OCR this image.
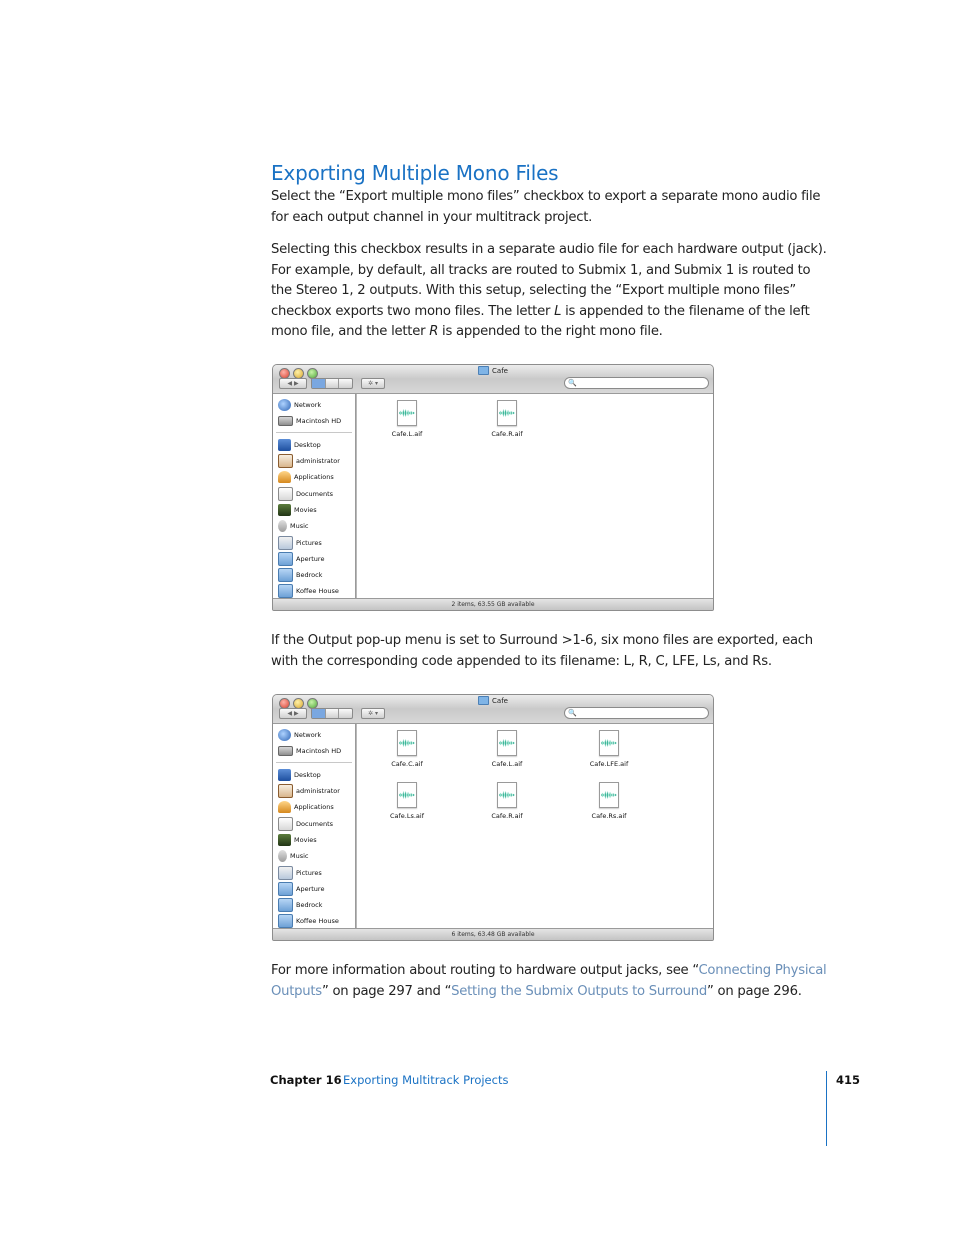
Exporting Multiple Mono Files

Select the “Export multiple mono files” checkbox to export a separate mono audio file for each output channel in your multitrack project.

Selecting this checkbox results in a separate audio file for each hardware output (jack). For example, by default, all tracks are routed to Submix 1, and Submix 1 is routed to the Stereo 1, 2 outputs. With this setup, selecting the “Export multiple mono files” checkbox exports two mono files. The letter L is appended to the filename of the left mono file, and the letter R is appended to the right mono file.

Cafe
◀ ▶	✲ ▾	🔍
Network
Macintosh HD
Desktop
administrator
Applications
Documents
Movies
Music
Pictures
Aperture
Bedrock
Koffee House
Cafe.L.aif	Cafe.R.aif
2 items, 63.55 GB available

If the Output pop-up menu is set to Surround >1-6, six mono files are exported, each with the corresponding code appended to its filename: L, R, C, LFE, Ls, and Rs.

Cafe
◀ ▶	✲ ▾	🔍
Network
Macintosh HD
Desktop
administrator
Applications
Documents
Movies
Music
Pictures
Aperture
Bedrock
Koffee House
Cafe.C.aif	Cafe.L.aif	Cafe.LFE.aif
Cafe.Ls.aif	Cafe.R.aif	Cafe.Rs.aif
6 items, 63.48 GB available

For more information about routing to hardware output jacks, see “Connecting Physical Outputs” on page 297 and “Setting the Submix Outputs to Surround” on page 296.

Chapter 16 Exporting Multitrack Projects	415
